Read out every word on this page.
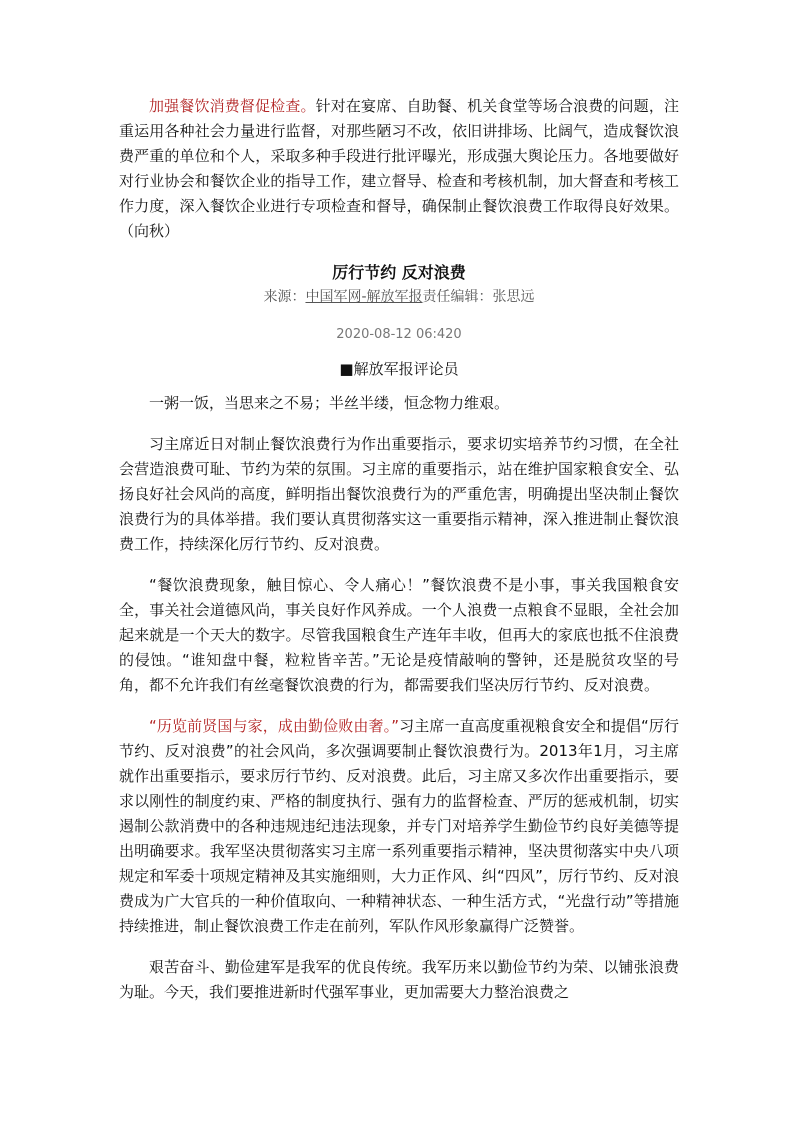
加强餐饮消费督促检查。针对在宴席、自助餐、机关食堂等场合浪费的问题，注重运用各种社会力量进行监督，对那些陋习不改，依旧讲排场、比阔气，造成餐饮浪费严重的单位和个人，采取多种手段进行批评曝光，形成强大舆论压力。各地要做好对行业协会和餐饮企业的指导工作，建立督导、检查和考核机制，加大督查和考核工作力度，深入餐饮企业进行专项检查和督导，确保制止餐饮浪费工作取得良好效果。（向秋）

厉行节约 反对浪费
来源：中国军网-解放军报责任编辑：张思远
2020-08-12 06:420
■解放军报评论员

一粥一饭，当思来之不易；半丝半缕，恒念物力维艰。

习主席近日对制止餐饮浪费行为作出重要指示，要求切实培养节约习惯，在全社会营造浪费可耻、节约为荣的氛围。习主席的重要指示，站在维护国家粮食安全、弘扬良好社会风尚的高度，鲜明指出餐饮浪费行为的严重危害，明确提出坚决制止餐饮浪费行为的具体举措。我们要认真贯彻落实这一重要指示精神，深入推进制止餐饮浪费工作，持续深化厉行节约、反对浪费。

“餐饮浪费现象，触目惊心、令人痛心！”餐饮浪费不是小事，事关我国粮食安全，事关社会道德风尚，事关良好作风养成。一个人浪费一点粮食不显眼，全社会加起来就是一个天大的数字。尽管我国粮食生产连年丰收，但再大的家底也抵不住浪费的侵蚀。“谁知盘中餐，粒粒皆辛苦。”无论是疫情敲响的警钟，还是脱贫攻坚的号角，都不允许我们有丝毫餐饮浪费的行为，都需要我们坚决厉行节约、反对浪费。

“历览前贤国与家，成由勤俭败由奢。”习主席一直高度重视粮食安全和提倡“厉行节约、反对浪费”的社会风尚，多次强调要制止餐饮浪费行为。2013年1月，习主席就作出重要指示，要求厉行节约、反对浪费。此后，习主席又多次作出重要指示，要求以刚性的制度约束、严格的制度执行、强有力的监督检查、严厉的惩戒机制，切实遏制公款消费中的各种违规违纪违法现象，并专门对培养学生勤俭节约良好美德等提出明确要求。我军坚决贯彻落实习主席一系列重要指示精神，坚决贯彻落实中央八项规定和军委十项规定精神及其实施细则，大力正作风、纠“四风”，厉行节约、反对浪费成为广大官兵的一种价值取向、一种精神状态、一种生活方式，“光盘行动”等措施持续推进，制止餐饮浪费工作走在前列，军队作风形象赢得广泛赞誉。

艰苦奋斗、勤俭建军是我军的优良传统。我军历来以勤俭节约为荣、以铺张浪费为耻。今天，我们要推进新时代强军事业，更加需要大力整治浪费之
